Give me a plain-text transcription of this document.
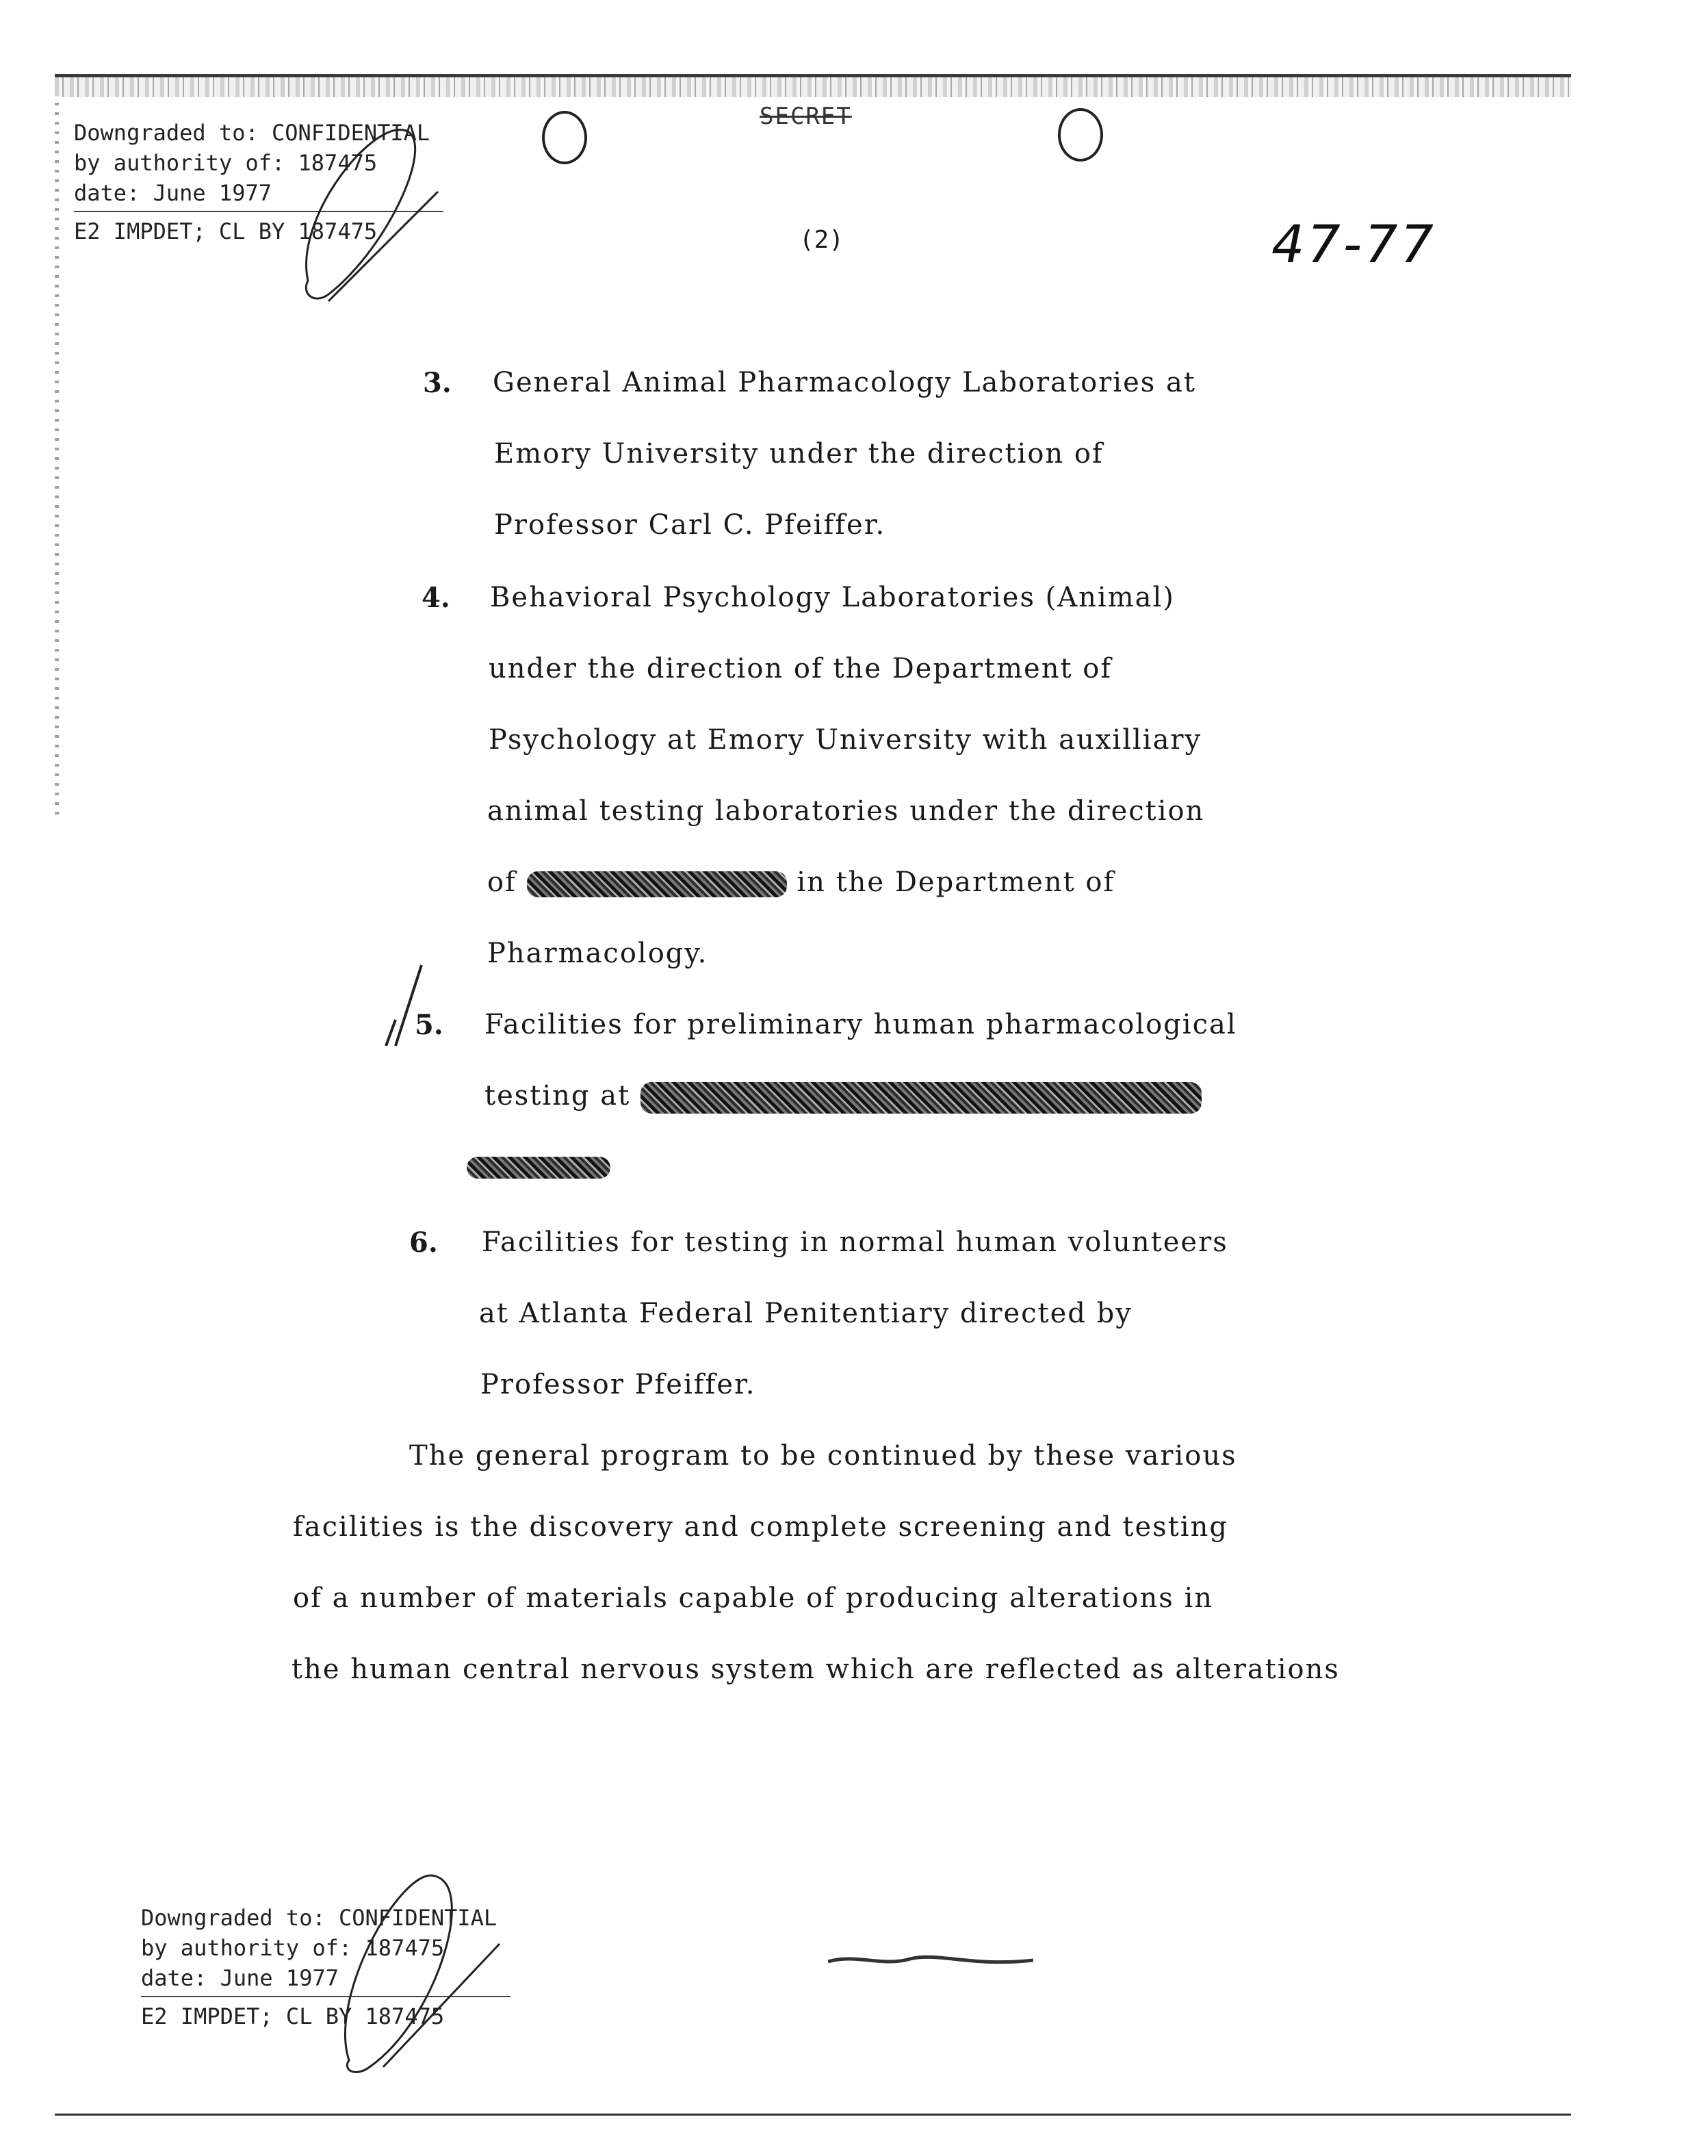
Downgraded to: CONFIDENTIAL
by authority of: 187475
date: June 1977
E2 IMPDET; CL BY 187475
SECRET
(2)	47-77
3. General Animal Pharmacology Laboratories at
Emory University under the direction of
Professor Carl C. Pfeiffer.
4. Behavioral Psychology Laboratories (Animal)
under the direction of the Department of
Psychology at Emory University with auxilliary
animal testing laboratories under the direction
of	in the Department of
Pharmacology.
5. Facilities for preliminary human pharmacological
testing at
6. Facilities for testing in normal human volunteers
at Atlanta Federal Penitentiary directed by
Professor Pfeiffer.
The general program to be continued by these various
facilities is the discovery and complete screening and testing
of a number of materials capable of producing alterations in
the human central nervous system which are reflected as alterations
Downgraded to: CONFIDENTIAL
by authority of: 187475
date: June 1977
E2 IMPDET; CL BY 187475
